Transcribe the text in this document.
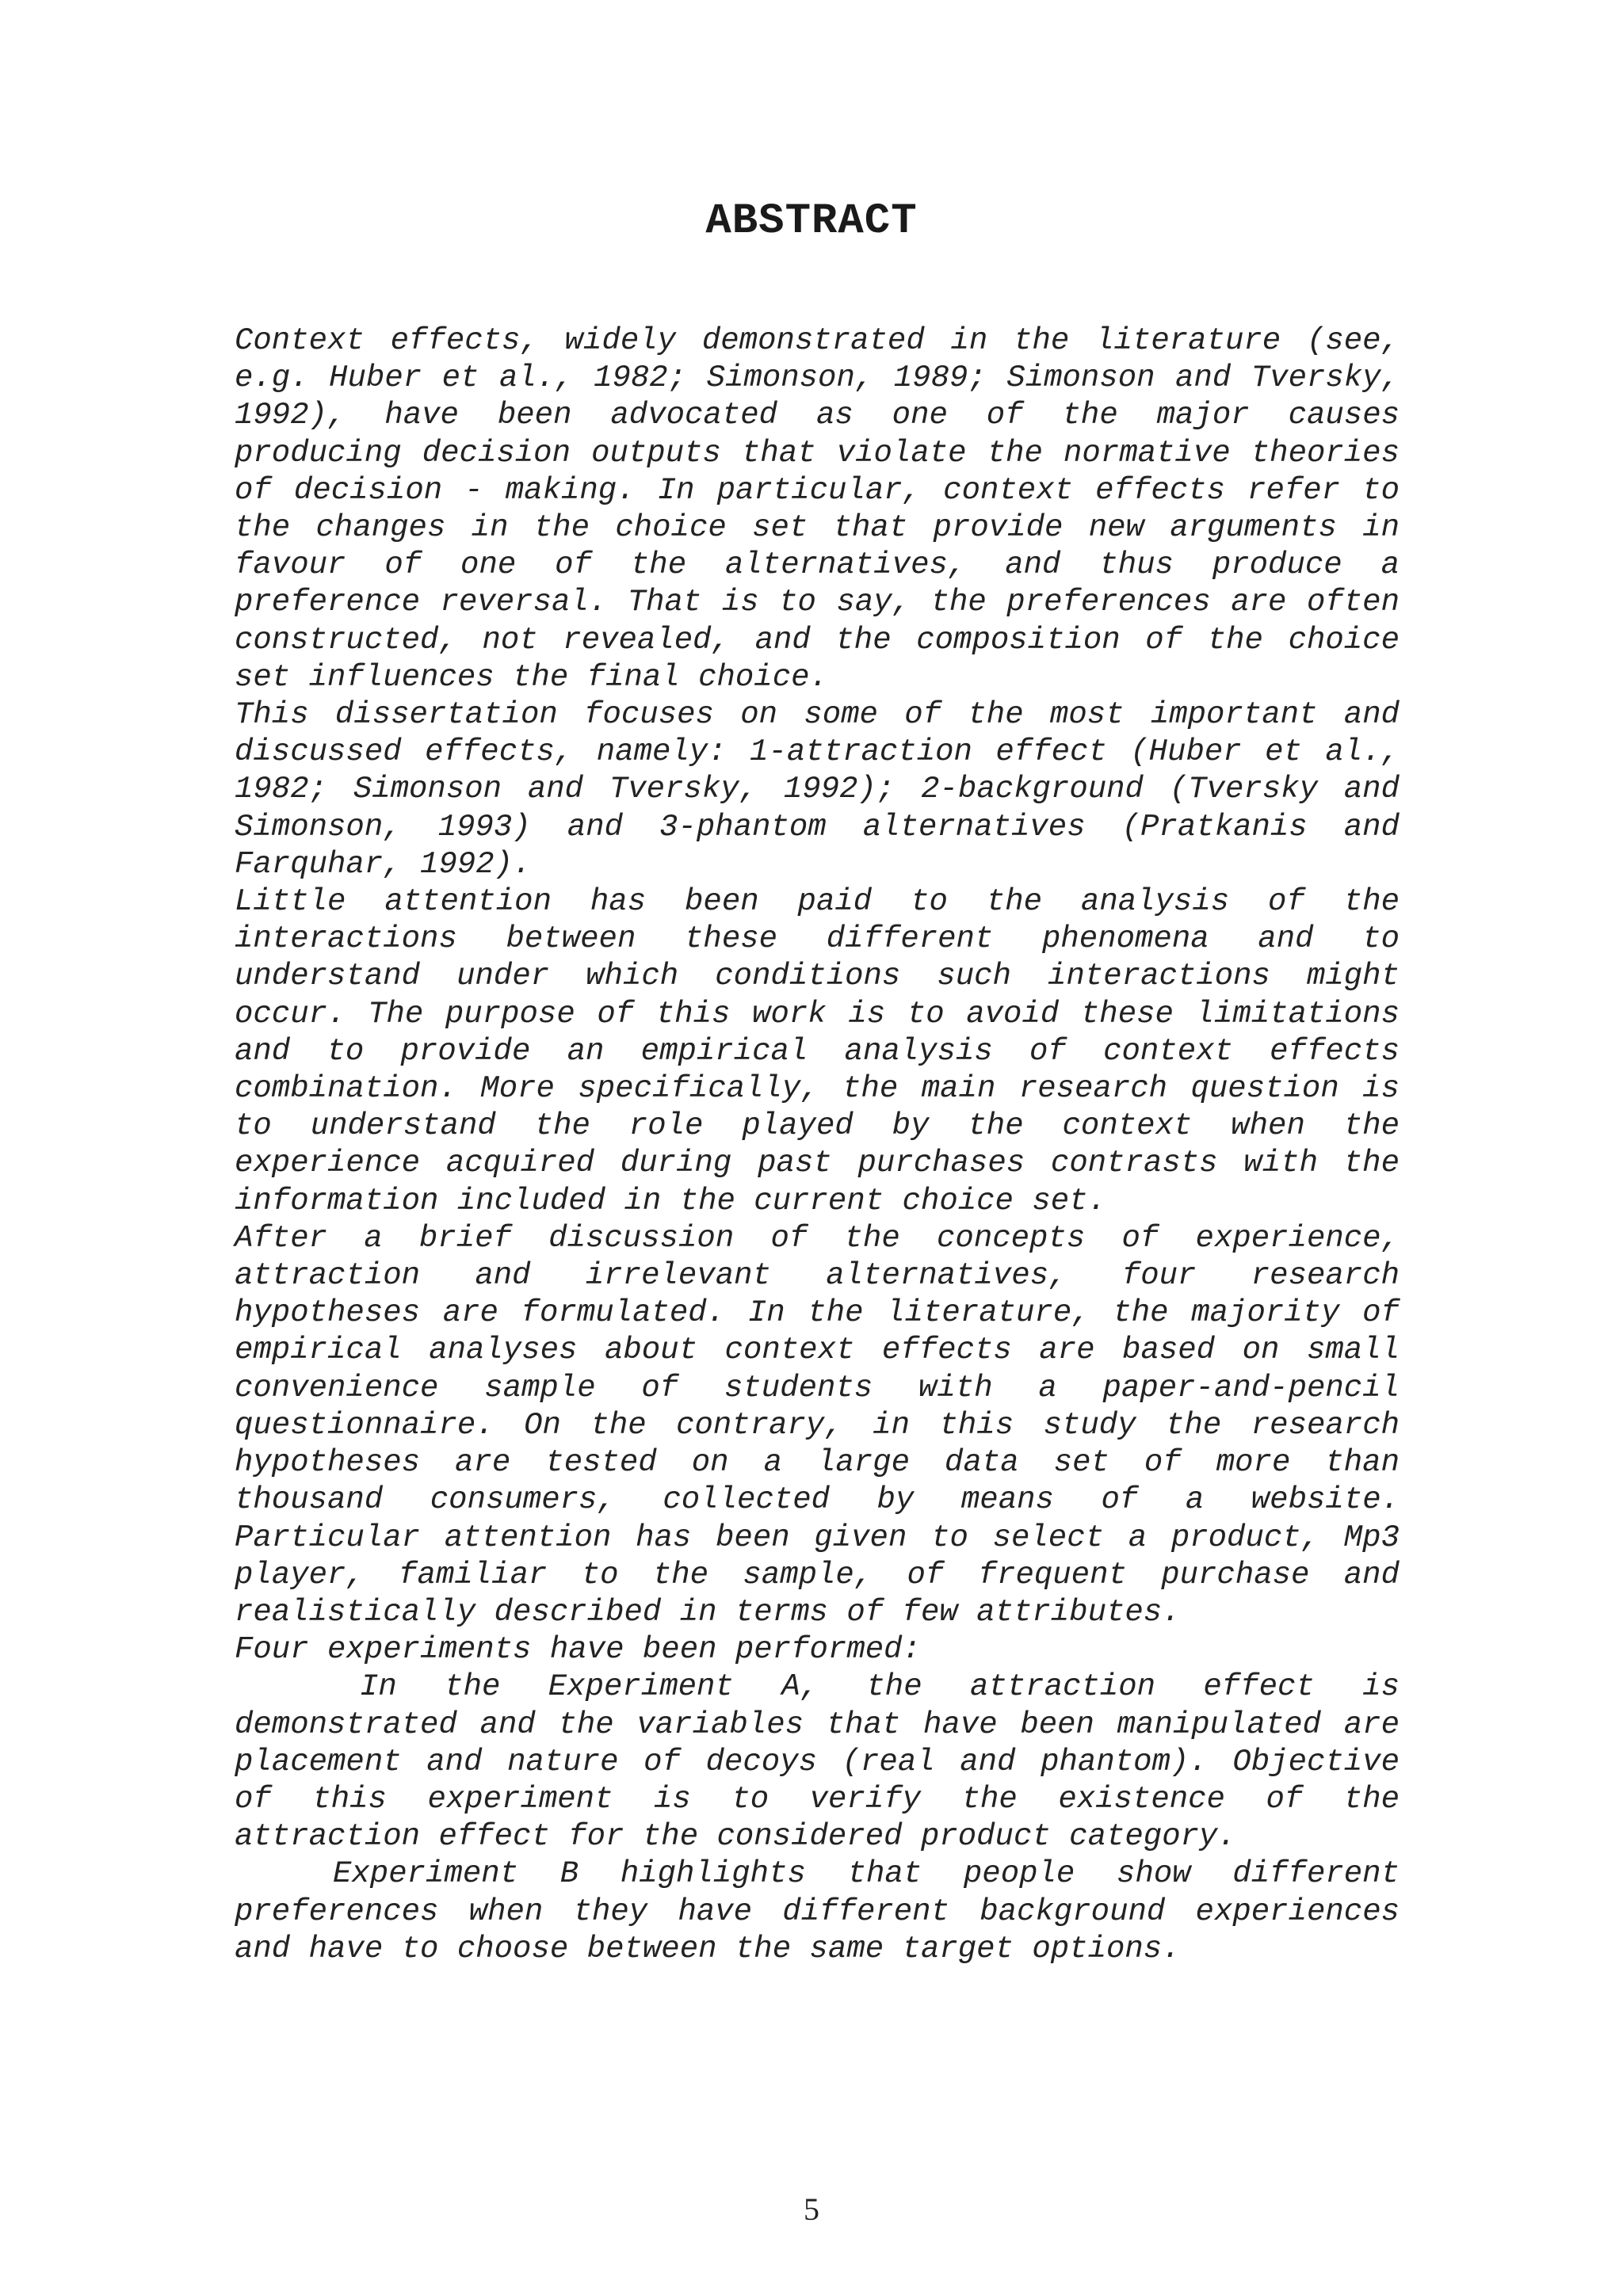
ABSTRACT

Context effects, widely demonstrated in the literature (see, e.g. Huber et al., 1982; Simonson, 1989; Simonson and Tversky, 1992), have been advocated as one of the major causes producing decision outputs that violate the normative theories of decision - making. In particular, context effects refer to the changes in the choice set that provide new arguments in favour of one of the alternatives, and thus produce a preference reversal. That is to say, the preferences are often constructed, not revealed, and the composition of the choice set influences the final choice.

This dissertation focuses on some of the most important and discussed effects, namely: 1-attraction effect (Huber et al., 1982; Simonson and Tversky, 1992); 2-background (Tversky and Simonson, 1993) and 3-phantom alternatives (Pratkanis and Farquhar, 1992).

Little attention has been paid to the analysis of the interactions between these different phenomena and to understand under which conditions such interactions might occur. The purpose of this work is to avoid these limitations and to provide an empirical analysis of context effects combination. More specifically, the main research question is to understand the role played by the context when the experience acquired during past purchases contrasts with the information included in the current choice set.

After a brief discussion of the concepts of experience, attraction and irrelevant alternatives, four research hypotheses are formulated. In the literature, the majority of empirical analyses about context effects are based on small convenience sample of students with a paper-and-pencil questionnaire. On the contrary, in this study the research hypotheses are tested on a large data set of more than thousand consumers, collected by means of a website. Particular attention has been given to select a product, Mp3 player, familiar to the sample, of frequent purchase and realistically described in terms of few attributes.

Four experiments have been performed:

In the Experiment A, the attraction effect is demonstrated and the variables that have been manipulated are placement and nature of decoys (real and phantom). Objective of this experiment is to verify the existence of the attraction effect for the considered product category.

Experiment B highlights that people show different preferences when they have different background experiences and have to choose between the same target options.

5
